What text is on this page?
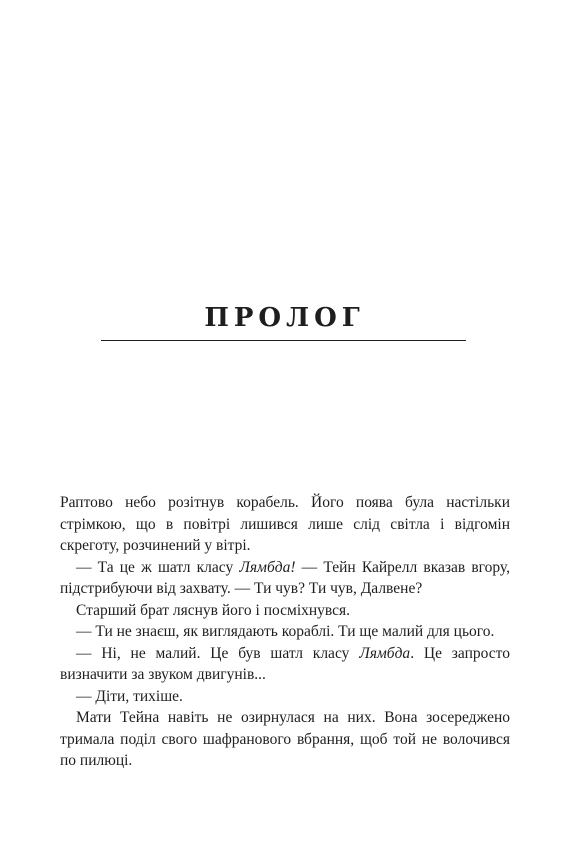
ПРОЛОГ

Раптово небо розітнув корабель. Його поява була настільки стрімкою, що в повітрі лишився лише слід світла і відгомін скреготу, розчинений у вітрі.

— Та це ж шатл класу Лямбда! — Тейн Кайрелл вказав вгору, підстрибуючи від захвату. — Ти чув? Ти чув, Далвене?

Старший брат ляснув його і посміхнувся.

— Ти не знаєш, як виглядають кораблі. Ти ще малий для цього.

— Ні, не малий. Це був шатл класу Лямбда. Це запросто визначити за звуком двигунів...

— Діти, тихіше.

Мати Тейна навіть не озирнулася на них. Вона зосереджено тримала поділ свого шафранового вбрання, щоб той не волочився по пилюці.
